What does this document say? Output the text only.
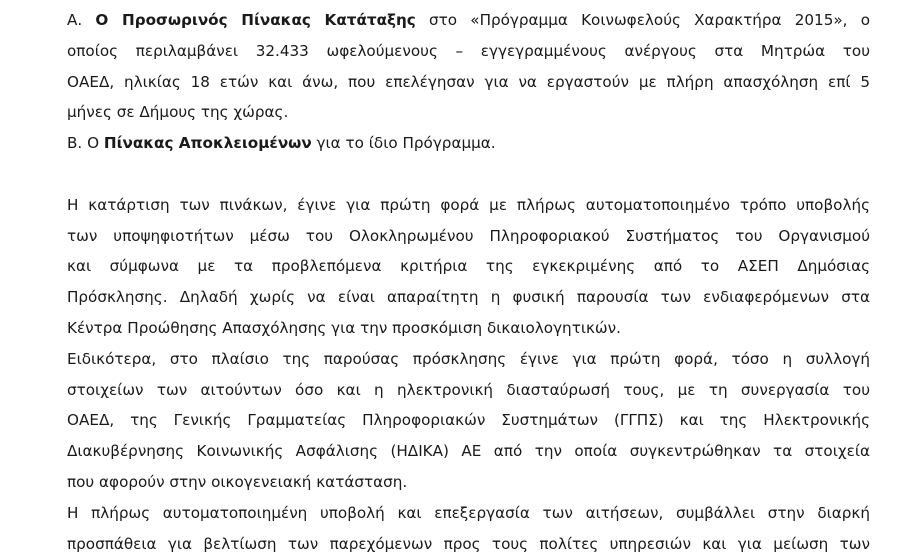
Α. Ο Προσωρινός Πίνακας Κατάταξης στο «Πρόγραμμα Κοινωφελούς Χαρακτήρα 2015», ο
οποίος περιλαμβάνει 32.433 ωφελούμενους – εγγεγραμμένους ανέργους στα Μητρώα του
ΟΑΕΔ, ηλικίας 18 ετών και άνω, που επελέγησαν για να εργαστούν με πλήρη απασχόληση επί 5
μήνες σε Δήμους της χώρας.
Β. Ο Πίνακας Αποκλειομένων για το ίδιο Πρόγραμμα.
Η κατάρτιση των πινάκων, έγινε για πρώτη φορά με πλήρως αυτοματοποιημένο τρόπο υποβολής
των υποψηφιοτήτων μέσω του Ολοκληρωμένου Πληροφοριακού Συστήματος του Οργανισμού
και σύμφωνα με τα προβλεπόμενα κριτήρια της εγκεκριμένης από το ΑΣΕΠ Δημόσιας
Πρόσκλησης. Δηλαδή χωρίς να είναι απαραίτητη η φυσική παρουσία των ενδιαφερόμενων στα
Κέντρα Προώθησης Απασχόλησης για την προσκόμιση δικαιολογητικών.
Ειδικότερα, στο πλαίσιο της παρούσας πρόσκλησης έγινε για πρώτη φορά, τόσο η συλλογή
στοιχείων των αιτούντων όσο και η ηλεκτρονική διασταύρωσή τους, με τη συνεργασία του
ΟΑΕΔ, της Γενικής Γραμματείας Πληροφοριακών Συστημάτων (ΓΓΠΣ) και της Ηλεκτρονικής
Διακυβέρνησης Κοινωνικής Ασφάλισης (ΗΔΙΚΑ) ΑΕ από την οποία συγκεντρώθηκαν τα στοιχεία
που αφορούν στην οικογενειακή κατάσταση.
Η πλήρως αυτοματοποιημένη υποβολή και επεξεργασία των αιτήσεων, συμβάλλει στην διαρκή
προσπάθεια για βελτίωση των παρεχόμενων προς τους πολίτες υπηρεσιών και για μείωση των
